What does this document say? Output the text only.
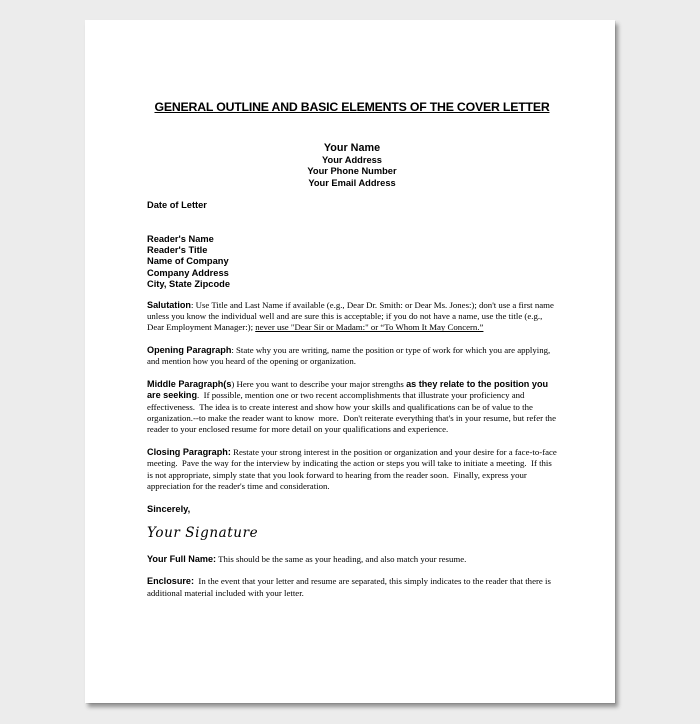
GENERAL OUTLINE AND BASIC ELEMENTS OF THE COVER LETTER
Your Name
Your Address
Your Phone Number
Your Email Address
Date of Letter
Reader's Name
Reader's Title
Name of Company
Company Address
City, State Zipcode

Salutation: Use Title and Last Name if available (e.g., Dear Dr. Smith: or Dear Ms. Jones:); don't use a first name unless you know the individual well and are sure this is acceptable; if you do not have a name, use the title (e.g., Dear Employment Manager:); never use "Dear Sir or Madam:" or “To Whom It May Concern.”

Opening Paragraph: State why you are writing, name the position or type of work for which you are applying, and mention how you heard of the opening or organization.

Middle Paragraph(s) Here you want to describe your major strengths as they relate to the position you are seeking.  If possible, mention one or two recent accomplishments that illustrate your proficiency and effectiveness.  The idea is to create interest and show how your skills and qualifications can be of value to the organization.--to make the reader want to know  more.  Don't reiterate everything that's in your resume, but refer the reader to your enclosed resume for more detail on your qualifications and experience.

Closing Paragraph: Restate your strong interest in the position or organization and your desire for a face-to-face meeting.  Pave the way for the interview by indicating the action or steps you will take to initiate a meeting.  If this is not appropriate, simply state that you look forward to hearing from the reader soon.  Finally, express your appreciation for the reader's time and consideration.

Sincerely,
Your Signature

Your Full Name: This should be the same as your heading, and also match your resume.

Enclosure:  In the event that your letter and resume are separated, this simply indicates to the reader that there is additional material included with your letter.
